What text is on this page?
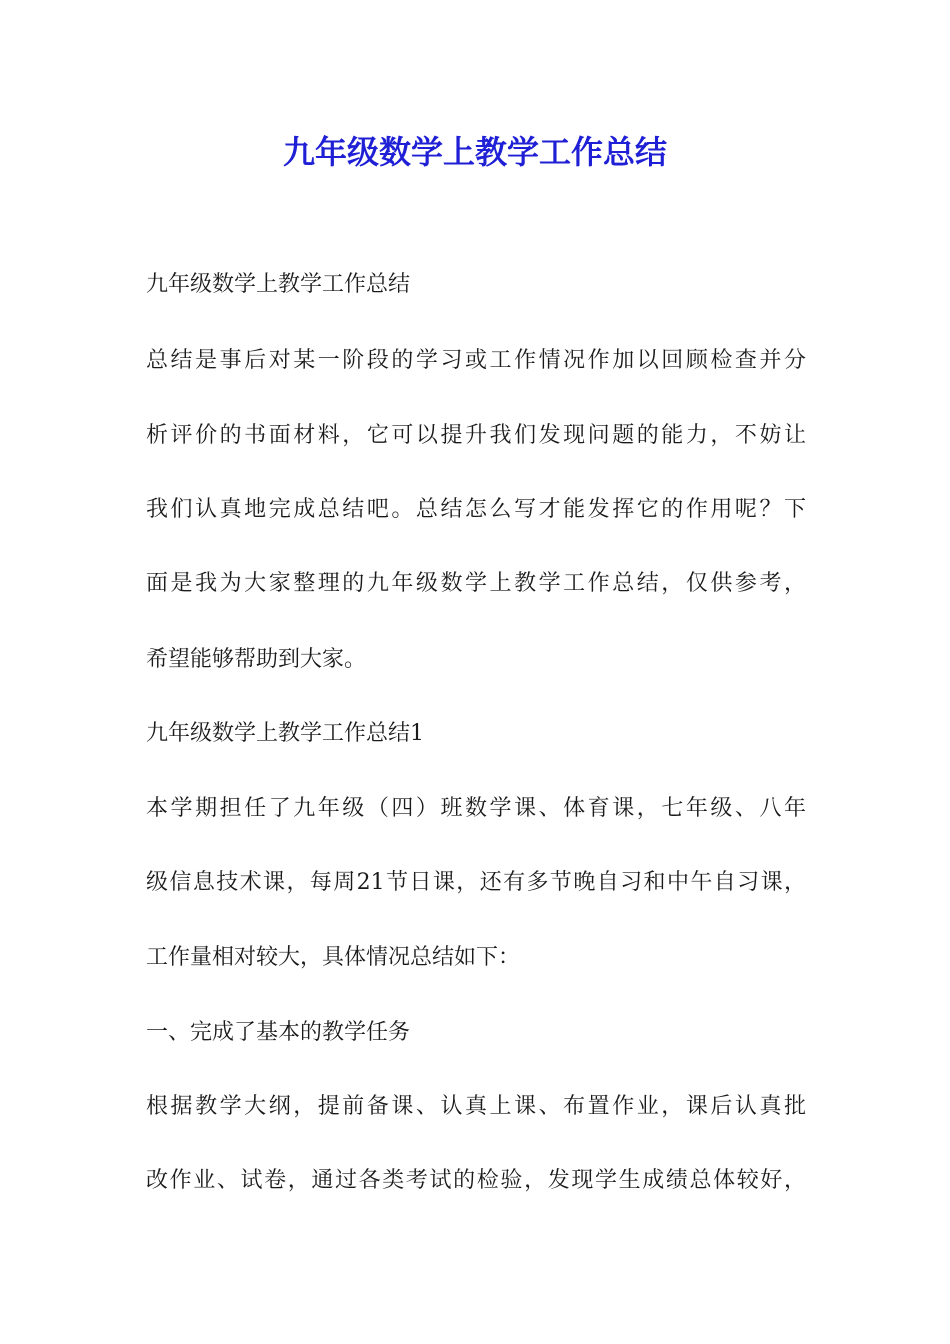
九年级数学上教学工作总结

九年级数学上教学工作总结

总结是事后对某一阶段的学习或工作情况作加以回顾检查并分

析评价的书面材料，它可以提升我们发现问题的能力，不妨让

我们认真地完成总结吧。总结怎么写才能发挥它的作用呢？下

面是我为大家整理的九年级数学上教学工作总结，仅供参考，

希望能够帮助到大家。

九年级数学上教学工作总结1

本学期担任了九年级（四）班数学课、体育课，七年级、八年

级信息技术课，每周21节日课，还有多节晚自习和中午自习课，

工作量相对较大，具体情况总结如下：

一、完成了基本的教学任务

根据教学大纲，提前备课、认真上课、布置作业，课后认真批

改作业、试卷，通过各类考试的检验，发现学生成绩总体较好，
